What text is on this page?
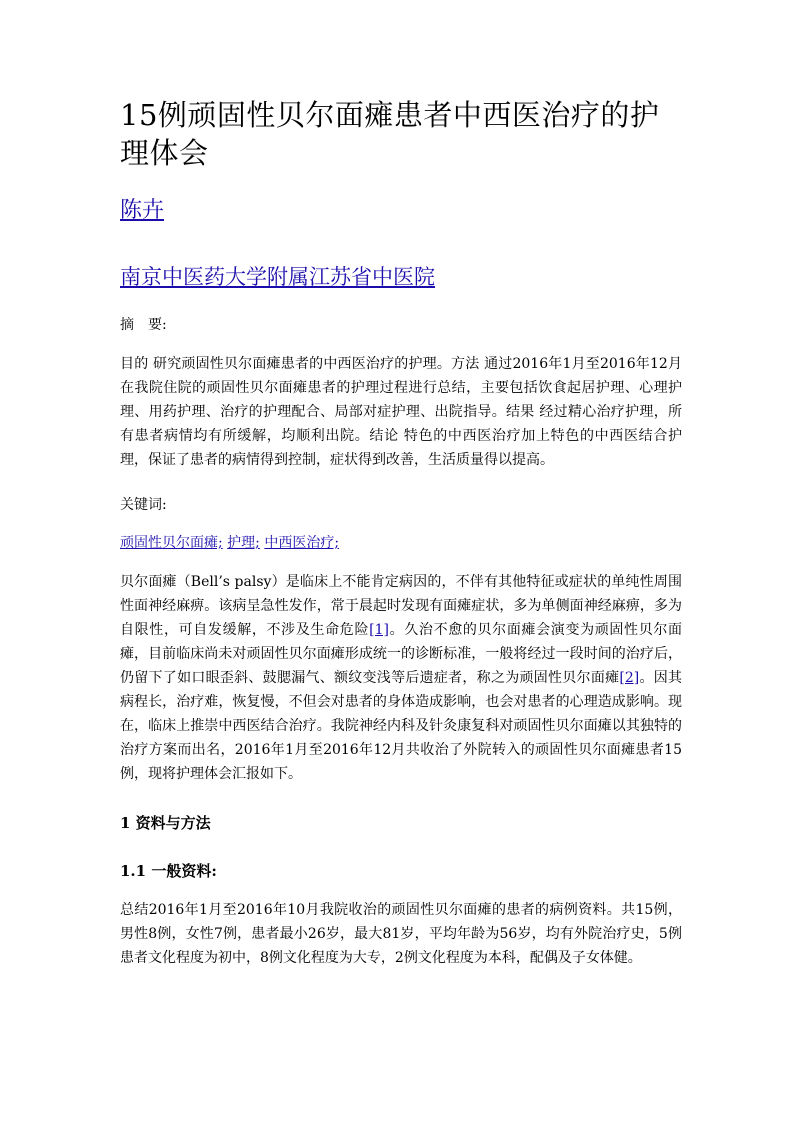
15例顽固性贝尔面瘫患者中西医治疗的护理体会
陈卉
南京中医药大学附属江苏省中医院
摘　要:
目的 研究顽固性贝尔面瘫患者的中西医治疗的护理。方法 通过2016年1月至2016年12月在我院住院的顽固性贝尔面瘫患者的护理过程进行总结，主要包括饮食起居护理、心理护理、用药护理、治疗的护理配合、局部对症护理、出院指导。结果 经过精心治疗护理，所有患者病情均有所缓解，均顺利出院。结论 特色的中西医治疗加上特色的中西医结合护理，保证了患者的病情得到控制，症状得到改善，生活质量得以提高。
关键词:
顽固性贝尔面瘫; 护理; 中西医治疗;
贝尔面瘫（Bell’s palsy）是临床上不能肯定病因的，不伴有其他特征或症状的单纯性周围性面神经麻痹。该病呈急性发作，常于晨起时发现有面瘫症状，多为单侧面神经麻痹，多为自限性，可自发缓解，不涉及生命危险[1]。久治不愈的贝尔面瘫会演变为顽固性贝尔面瘫，目前临床尚未对顽固性贝尔面瘫形成统一的诊断标准，一般将经过一段时间的治疗后，仍留下了如口眼歪斜、鼓腮漏气、额纹变浅等后遗症者，称之为顽固性贝尔面瘫[2]。因其病程长，治疗难，恢复慢，不但会对患者的身体造成影响，也会对患者的心理造成影响。现在，临床上推崇中西医结合治疗。我院神经内科及针灸康复科对顽固性贝尔面瘫以其独特的治疗方案而出名，2016年1月至2016年12月共收治了外院转入的顽固性贝尔面瘫患者15例，现将护理体会汇报如下。
1 资料与方法
1.1 一般资料:
总结2016年1月至2016年10月我院收治的顽固性贝尔面瘫的患者的病例资料。共15例，男性8例，女性7例，患者最小26岁，最大81岁，平均年龄为56岁，均有外院治疗史，5例患者文化程度为初中，8例文化程度为大专，2例文化程度为本科，配偶及子女体健。
